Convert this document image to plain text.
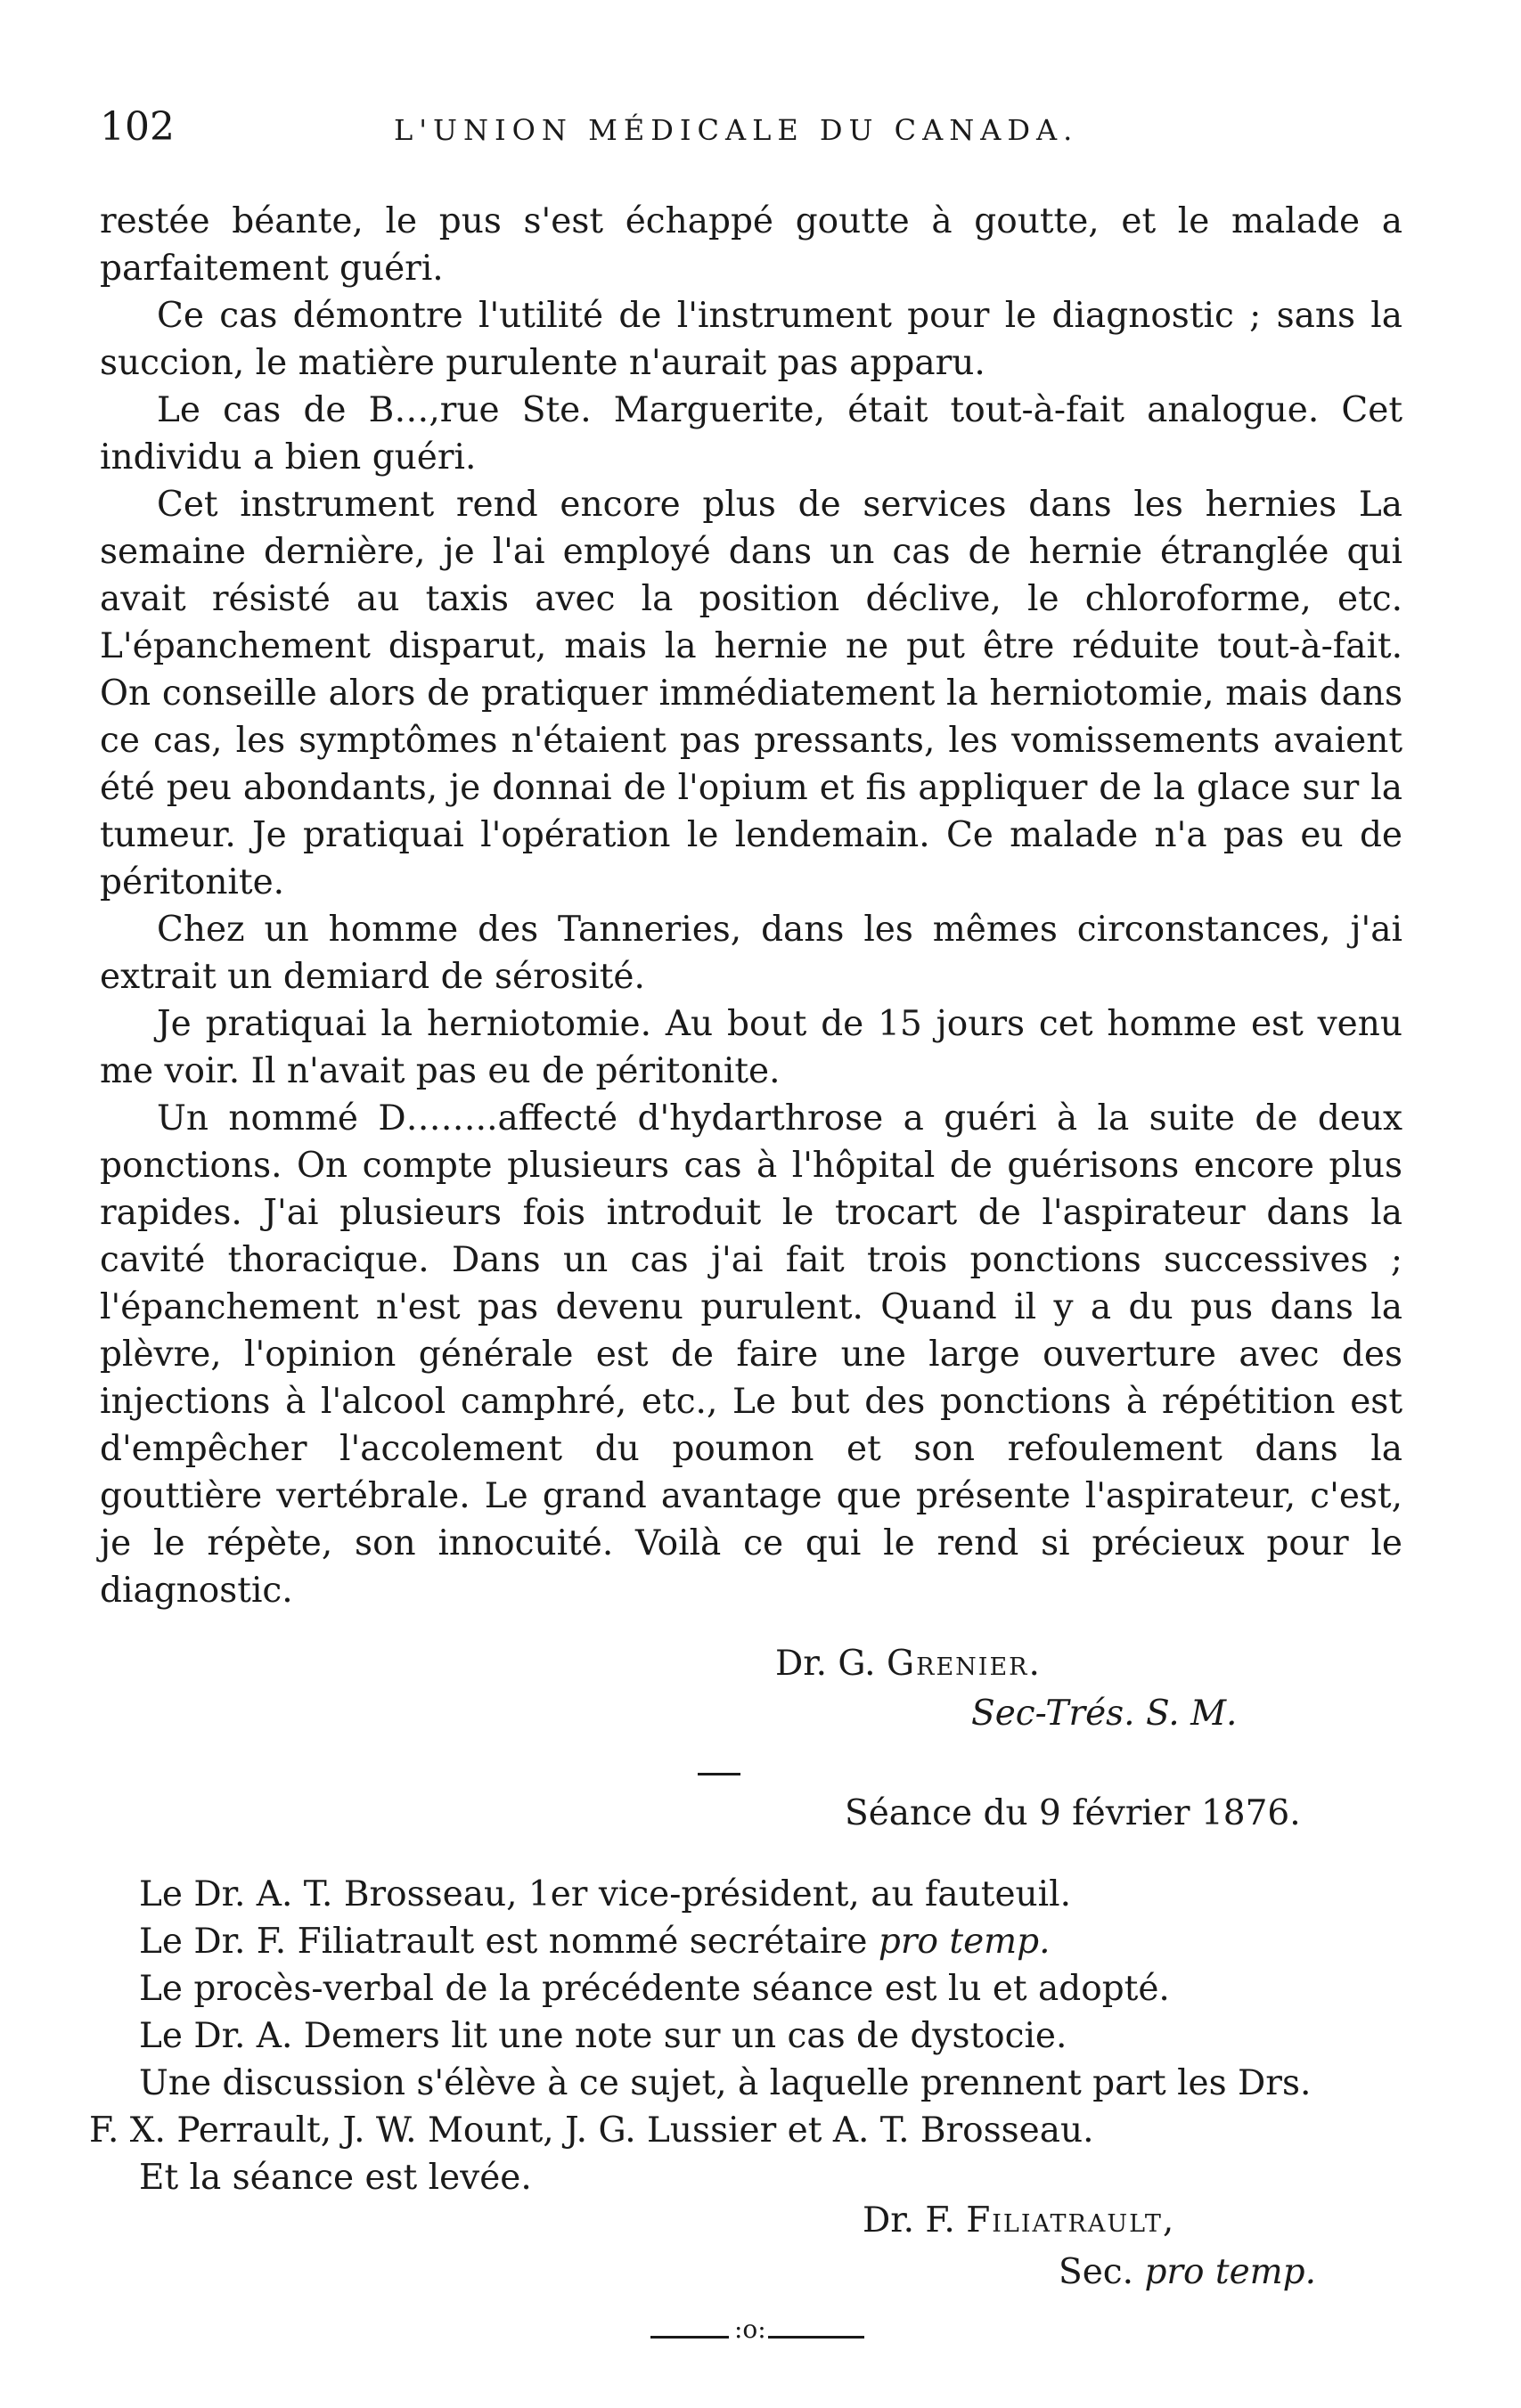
102	L'UNION MÉDICALE DU CANADA.

restée béante, le pus s'est échappé goutte à goutte, et le malade a parfaitement guéri.

Ce cas démontre l'utilité de l'instrument pour le diagnostic ; sans la succion, le matière purulente n'aurait pas apparu.

Le cas de B…,rue Ste. Marguerite, était tout-à-fait analogue. Cet individu a bien guéri.

Cet instrument rend encore plus de services dans les hernies La semaine dernière, je l'ai employé dans un cas de hernie étranglée qui avait résisté au taxis avec la position déclive, le chloroforme, etc. L'épanchement disparut, mais la hernie ne put être réduite tout-à-fait. On conseille alors de pratiquer immédiatement la herniotomie, mais dans ce cas, les symptômes n'étaient pas pressants, les vomissements avaient été peu abondants, je donnai de l'opium et fis appliquer de la glace sur la tumeur. Je pratiquai l'opération le lendemain. Ce malade n'a pas eu de péritonite.

Chez un homme des Tanneries, dans les mêmes circonstances, j'ai extrait un demiard de sérosité.

Je pratiquai la herniotomie. Au bout de 15 jours cet homme est venu me voir. Il n'avait pas eu de péritonite.

Un nommé D……..affecté d'hydarthrose a guéri à la suite de deux ponctions. On compte plusieurs cas à l'hôpital de guérisons encore plus rapides. J'ai plusieurs fois introduit le trocart de l'aspirateur dans la cavité thoracique. Dans un cas j'ai fait trois ponctions successives ; l'épanchement n'est pas devenu purulent. Quand il y a du pus dans la plèvre, l'opinion générale est de faire une large ouverture avec des injections à l'alcool camphré, etc., Le but des ponctions à répétition est d'empêcher l'accolement du poumon et son refoulement dans la gouttière vertébrale. Le grand avantage que présente l'aspirateur, c'est, je le répète, son innocuité. Voilà ce qui le rend si précieux pour le diagnostic.

Dr. G. Grenier.
Sec-Trés. S. M.
Séance du 9 février 1876.

Le Dr. A. T. Brosseau, 1er vice-président, au fauteuil.

Le Dr. F. Filiatrault est nommé secrétaire pro temp.

Le procès-verbal de la précédente séance est lu et adopté.

Le Dr. A. Demers lit une note sur un cas de dystocie.

Une discussion s'élève à ce sujet, à laquelle prennent part les Drs.

F. X. Perrault, J. W. Mount, J. G. Lussier et A. T. Brosseau.

Et la séance est levée.

Dr. F. Filiatrault,
Sec. pro temp.
:o:
